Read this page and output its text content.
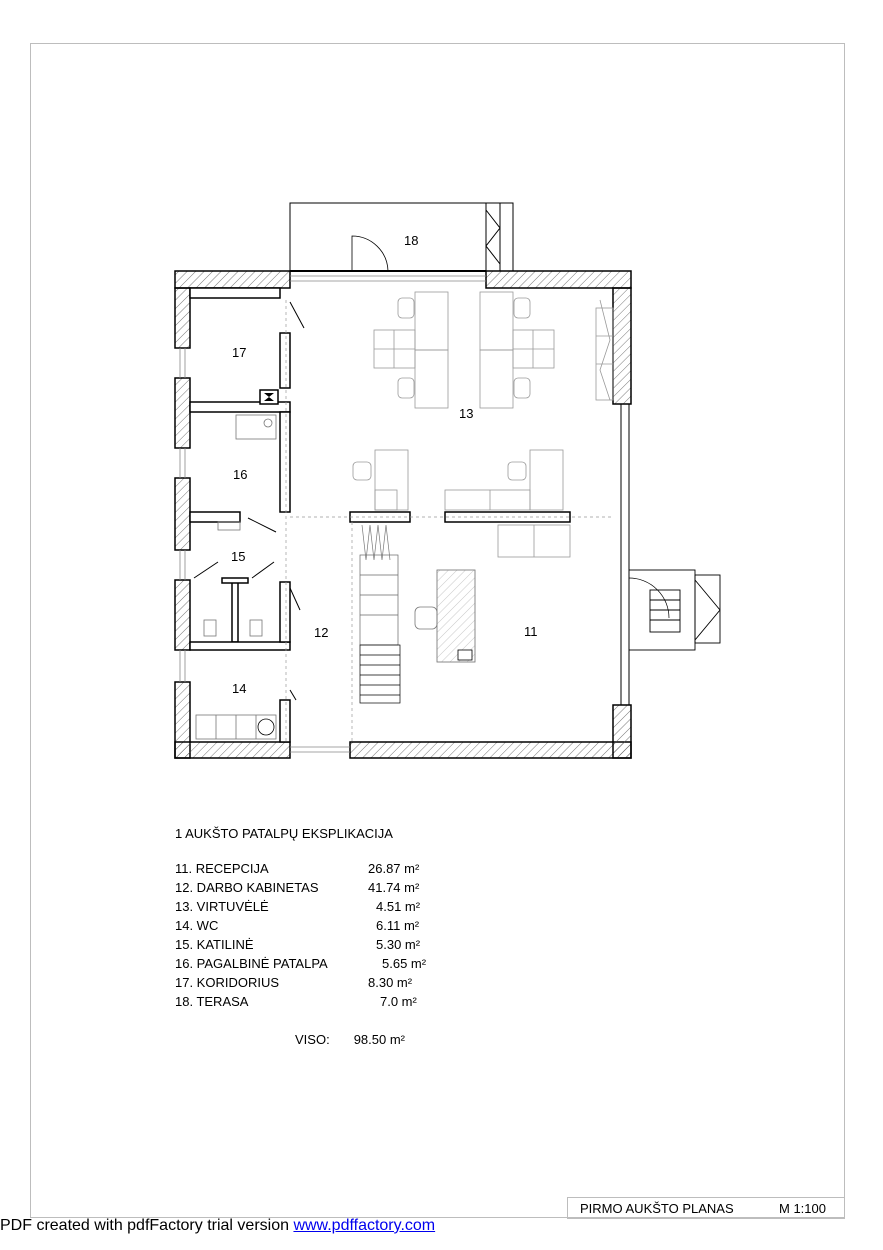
18
17
13
16
15
12	11
14
1 AUKŠTO PATALPŲ EKSPLIKACIJA
11. RECEPCIJA	26.87 m²
12. DARBO KABINETAS	41.74 m²
13. VIRTUVĖLĖ	4.51 m²
14. WC	6.11 m²
15. KATILINĖ	5.30 m²
16. PAGALBINĖ PATALPA	5.65 m²
17. KORIDORIUS	8.30 m²
18. TERASA	7.0 m²
VISO: 98.50 m²
PIRMO AUKŠTO PLANAS	M 1:100
PDF created with pdfFactory trial version www.pdffactory.com
